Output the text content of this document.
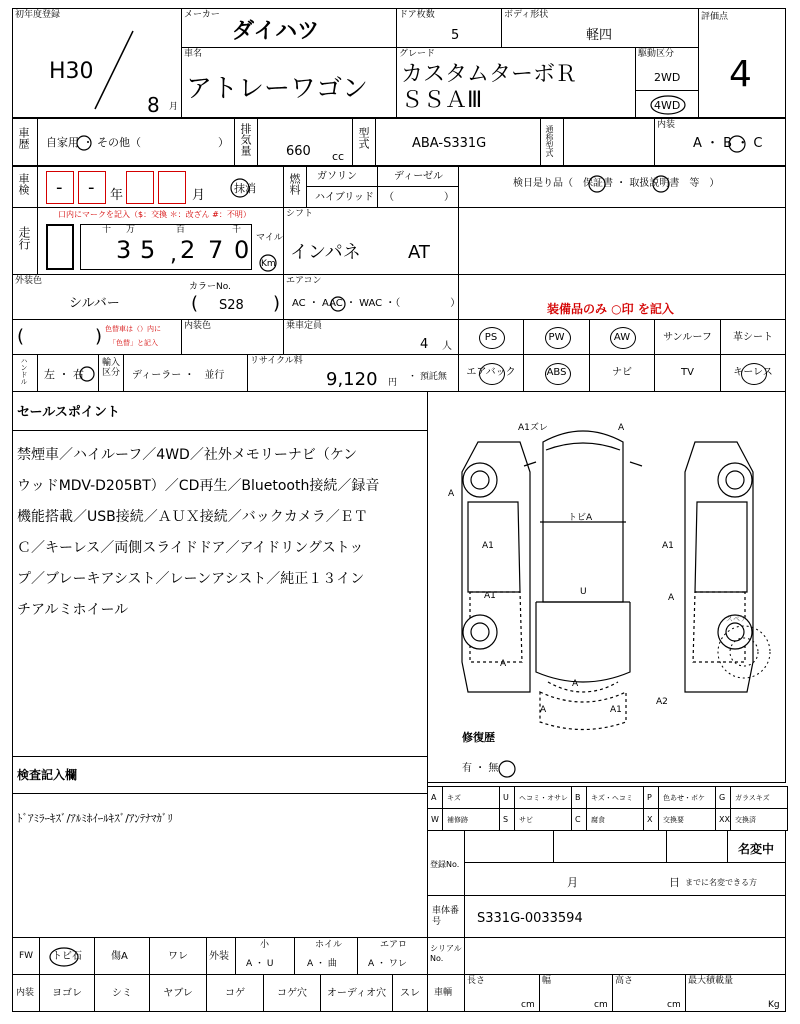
初年度登録
H30
8 月
メーカー
ダイハツ
ドア枚数
5
ボディ形状
軽四
評価点
4
車名
アトレーワゴン
グレード
カスタムターボＲ
ＳＳＡⅢ
駆動区分
2WD
4WD
車歴 自家用 ・ その他（　　　　　　　） 排気量	660 cc
型式	ABA-S331G	通称型式	内装
A ・ B ・ C
車検 - - 年	月	抹消	燃料 ガソリン	ディーゼル
ハイブリッド （　　　　　）
検日是り品（　保証書 ・ 取扱説明書　等　）
走行
口内にマークを記入（$：交換 ＊：改ざん #：不明）
十 万	百	千
マイル
Km
3 5 2 7 0
,
シフト
インパネ	AT
外装色
シルバー
カラーNo.
( S28 )
エアコン
AC ・ AAC ・ WAC ・（　　　　　）	装備品のみ ○印 を記入
(	) 色替車は（）内に
「色替」と記入
内装色	乗車定員
4 人
ハンドル 左 ・ 右
輸入区分 ディーラー ・　並行
リサイクル料
9,120 円
・ 預託無
セールスポイント
禁煙車／ハイルーフ／4WD／社外メモリーナビ（ケン
ウッドMDV-D205BT）／CD再生／Bluetooth接続／録音
機能搭載／USB接続／ＡＵＸ接続／バックカメラ／ＥＴ
Ｃ／キーレス／両側スライドドア／アイドリングストッ
プ／ブレーキアシスト／レーンアシスト／純正１３イン
チアルミホイール
A1ズレ	A
A
トビA
A1	A1
U
A1	A
A
A
A	A1
A2
スペア
修復歴
有 ・ 無
検査記入欄
ﾄﾞｱﾐﾗｰｷｽﾞ/ｱﾙﾐﾎｲｰﾙｷｽﾞ/ｱﾝﾃﾅﾏｶﾞﾘ
登録No.
名変中
月	日 までに名変できる方
車体番号	S331G-0033594
FW トビ石	傷A	ワレ 外装
小
A ・ U
ホイル
A ・ 曲
エアロ
A ・ ワレ
シリアルNo.
内装	車輌
長さ
cm
幅
cm
高さ
cm
最大積載量
Kg
PS	PW	AW	サンルーフ 革シート
エアバック	ABS	ナビ	TV	キーレス
A キズ	U ヘコミ・オサレ B キズ・ヘコミ P 色あせ・ボケ G ガラスキズ
W 補修跡	S サビ	C 腐食	X 交換要	XX 交換済
ヨゴレ	シミ	ヤブレ	コゲ	コゲ穴 オーディオ穴 スレ
